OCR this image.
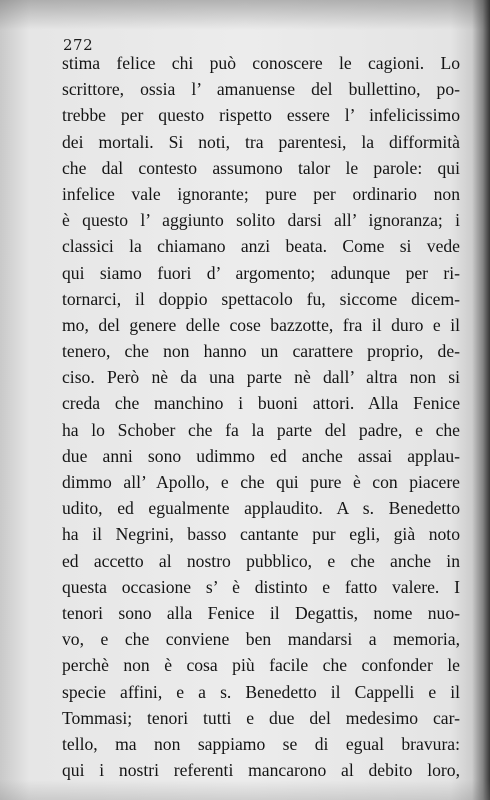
272
stima felice chi può conoscere le cagioni. Lo
scrittore, ossia l’ amanuense del bullettino, po-
trebbe per questo rispetto essere l’ infelicissimo
dei mortali. Si noti, tra parentesi, la difformità
che dal contesto assumono talor le parole: qui
infelice vale ignorante; pure per ordinario non
è questo l’ aggiunto solito darsi all’ ignoranza; i
classici la chiamano anzi beata. Come si vede
qui siamo fuori d’ argomento; adunque per ri-
tornarci, il doppio spettacolo fu, siccome dicem-
mo, del genere delle cose bazzotte, fra il duro e il
tenero, che non hanno un carattere proprio, de-
ciso. Però nè da una parte nè dall’ altra non si
creda che manchino i buoni attori. Alla Fenice
ha lo Schober che fa la parte del padre, e che
due anni sono udimmo ed anche assai applau-
dimmo all’ Apollo, e che qui pure è con piacere
udito, ed egualmente applaudito. A s. Benedetto
ha il Negrini, basso cantante pur egli, già noto
ed accetto al nostro pubblico, e che anche in
questa occasione s’ è distinto e fatto valere. I
tenori sono alla Fenice il Degattis, nome nuo-
vo, e che conviene ben mandarsi a memoria,
perchè non è cosa più facile che confonder le
specie affini, e a s. Benedetto il Cappelli e il
Tommasi; tenori tutti e due del medesimo car-
tello, ma non sappiamo se di egual bravura:
qui i nostri referenti mancarono al debito loro,
